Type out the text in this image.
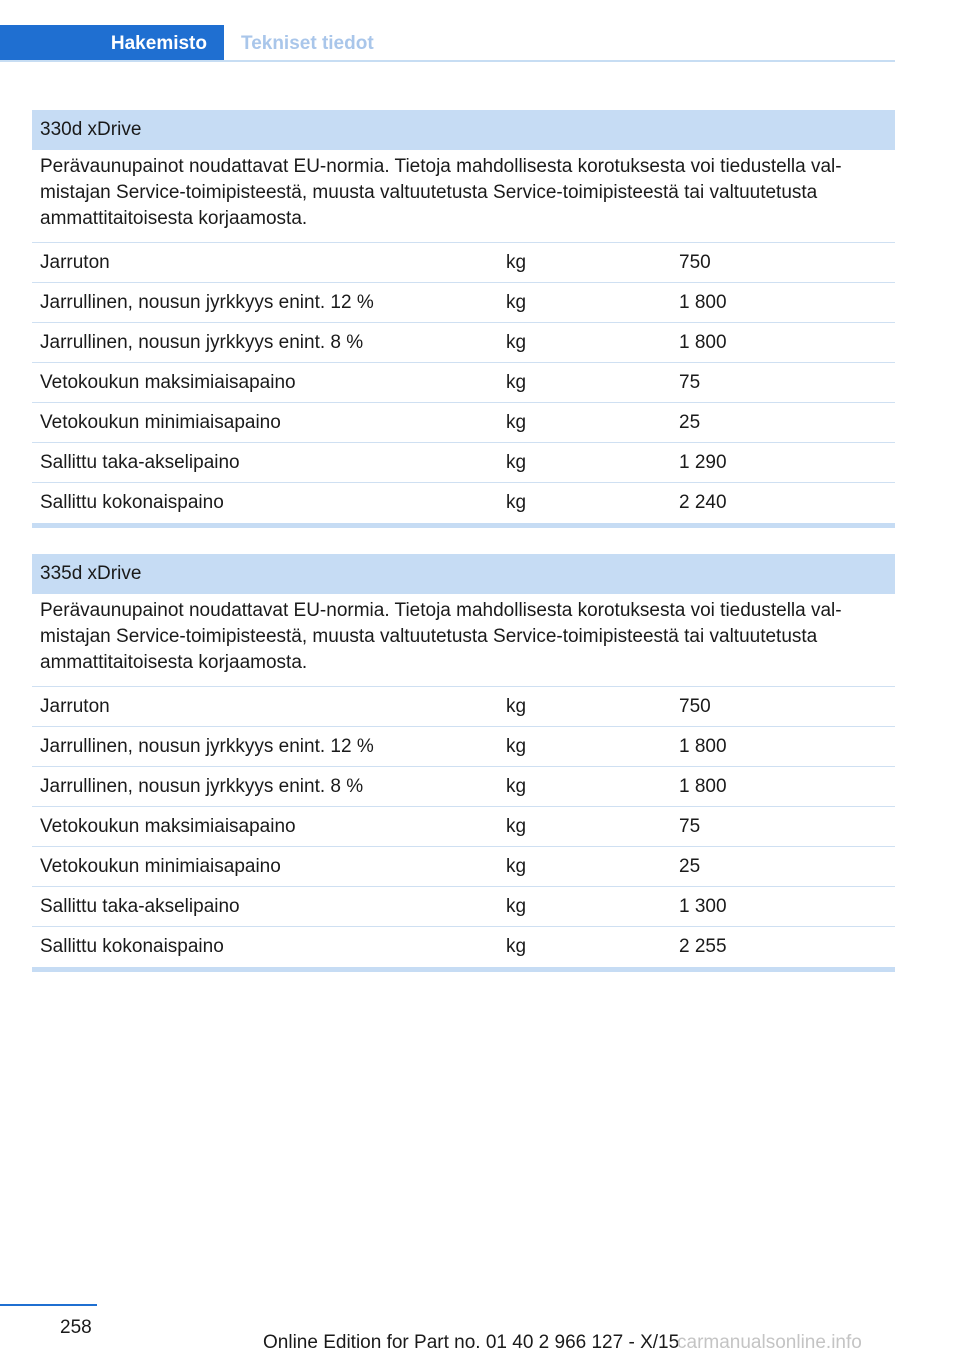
Hakemisto Tekniset tiedot
330d xDrive
Perävaunupainot noudattavat EU-normia. Tietoja mahdollisesta korotuksesta voi tiedustella valmistajan Service-toimipisteestä, muusta valtuutetusta Service-toimipisteestä tai valtuutetusta ammattitaitoisesta korjaamosta.
Jarruton	kg	750
Jarrullinen, nousun jyrkkyys enint. 12 %	kg	1 800
Jarrullinen, nousun jyrkkyys enint. 8 %	kg	1 800
Vetokoukun maksimiaisapaino	kg	75
Vetokoukun minimiaisapaino	kg	25
Sallittu taka-akselipaino	kg	1 290
Sallittu kokonaispaino	kg	2 240
335d xDrive
Perävaunupainot noudattavat EU-normia. Tietoja mahdollisesta korotuksesta voi tiedustella valmistajan Service-toimipisteestä, muusta valtuutetusta Service-toimipisteestä tai valtuutetusta ammattitaitoisesta korjaamosta.
Jarruton	kg	750
Jarrullinen, nousun jyrkkyys enint. 12 %	kg	1 800
Jarrullinen, nousun jyrkkyys enint. 8 %	kg	1 800
Vetokoukun maksimiaisapaino	kg	75
Vetokoukun minimiaisapaino	kg	25
Sallittu taka-akselipaino	kg	1 300
Sallittu kokonaispaino	kg	2 255
258
Online Edition for Part no. 01 40 2 966 127 - X/15
carmanualsonline.info
